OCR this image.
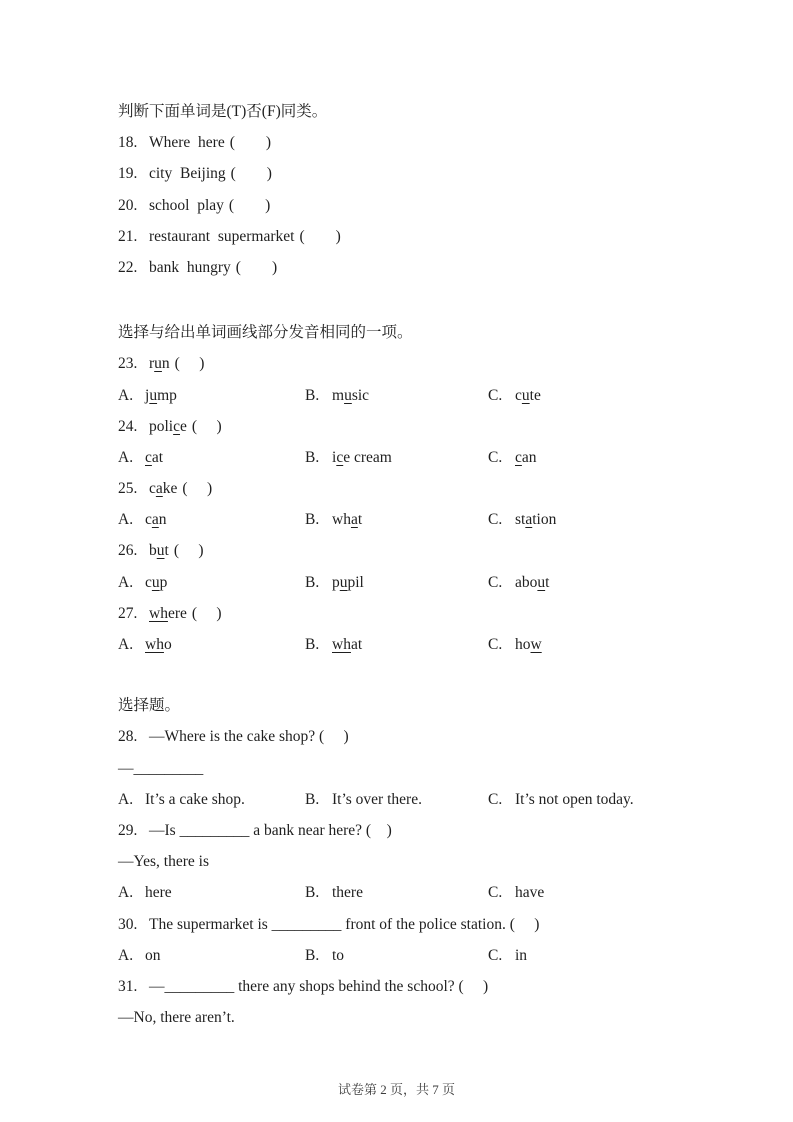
判断下面单词是(T)否(F)同类。
18. Where  here (        )
19. city  Beijing (        )
20. school  play (        )
21. restaurant  supermarket (        )
22. bank  hungry (        )
选择与给出单词画线部分发音相同的一项。
23. run (     )
A. jump	B. music	C. cute
24. police (     )
A. cat	B. ice cream	C. can
25. cake (     )
A. can	B. what	C. station
26. but (     )
A. cup	B. pupil	C. about
27. where (     )
A. who	B. what	C. how
选择题。
28. —Where is the cake shop? (     )
—_________
A. It’s a cake shop.	B. It’s over there.	C. It’s not open today.
29. —Is _________ a bank near here? (    )
—Yes, there is
A. here	B. there	C. have
30. The supermarket is _________ front of the police station. (     )
A. on	B. to	C. in
31. —_________ there any shops behind the school? (     )
—No, there aren’t.
试卷第 2 页，共 7 页
